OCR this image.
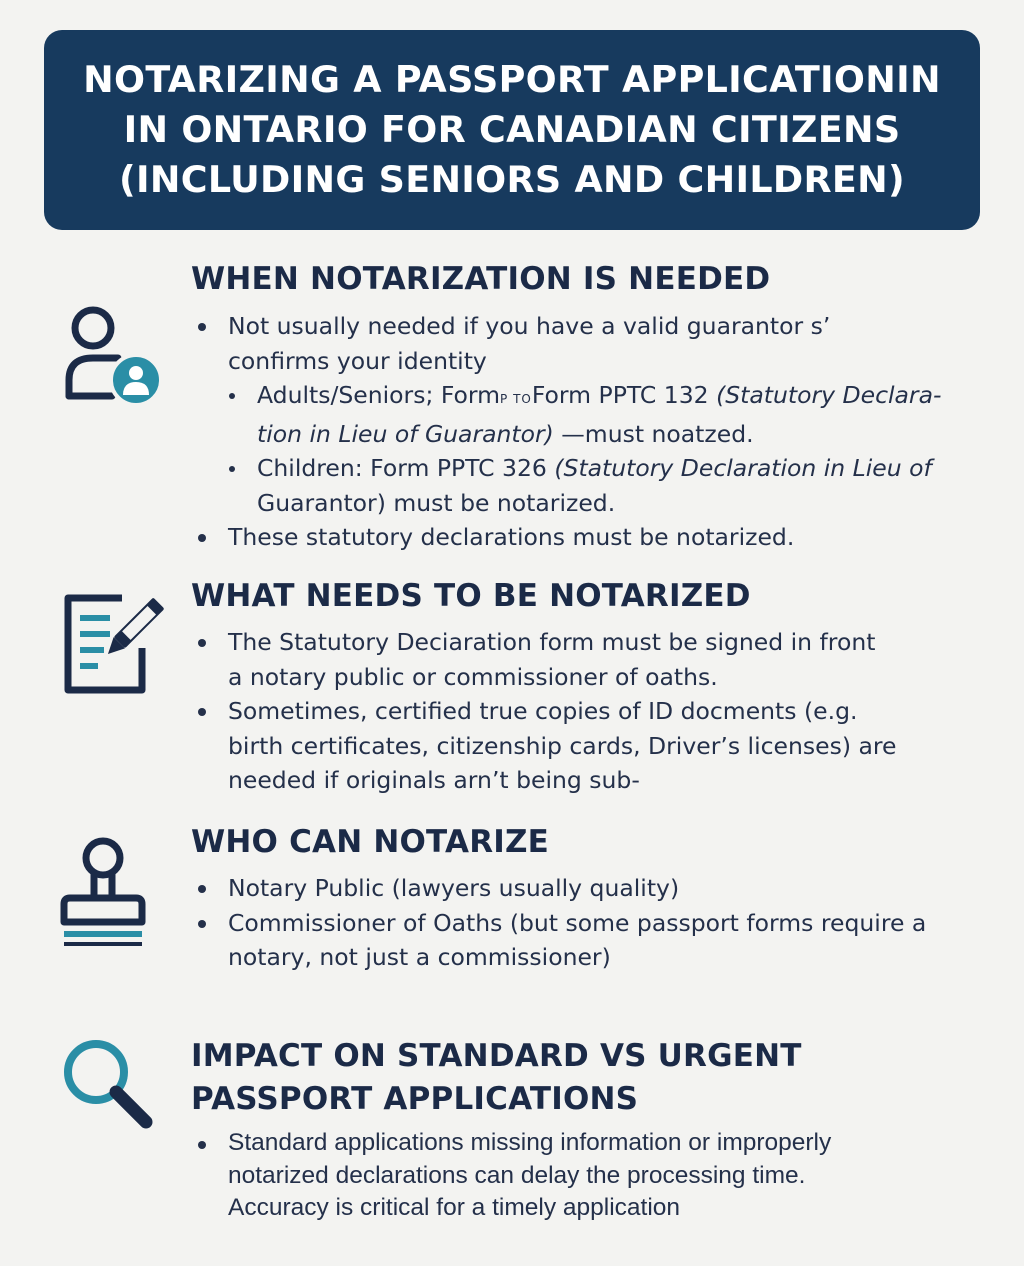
NOTARIZING A PASSPORT APPLICATIONIN
IN ONTARIO FOR CANADIAN CITIZENS
(INCLUDING SENIORS AND CHILDREN)
WHEN NOTARIZATION IS NEEDED
Not usually needed if you have a valid guarantor s’
confirms your identity
Adults/Seniors; FormP TOForm PPTC 132 (Statutory Declara-
tion in Lieu of Guarantor) —must noatzed.
Children: Form PPTC 326 (Statutory Declaration in Lieu of
Guarantor) must be notarized.
These statutory declarations must be notarized.
WHAT NEEDS TO BE NOTARIZED
The Statutory Deciaration form must be signed in front
a notary public or commissioner of oaths.
Sometimes, certified true copies of ID docments (e.g.
birth certificates, citizenship cards, Driver’s licenses) are
needed if originals arn’t being sub-
WHO CAN NOTARIZE
Notary Public (lawyers usually quality)
Commissioner of Oaths (but some passport forms require a
notary, not just a commissioner)
IMPACT ON STANDARD VS URGENT
PASSPORT APPLICATIONS
Standard applications missing information or improperly
notarized declarations can delay the processing time.
Accuracy is critical for a timely application
